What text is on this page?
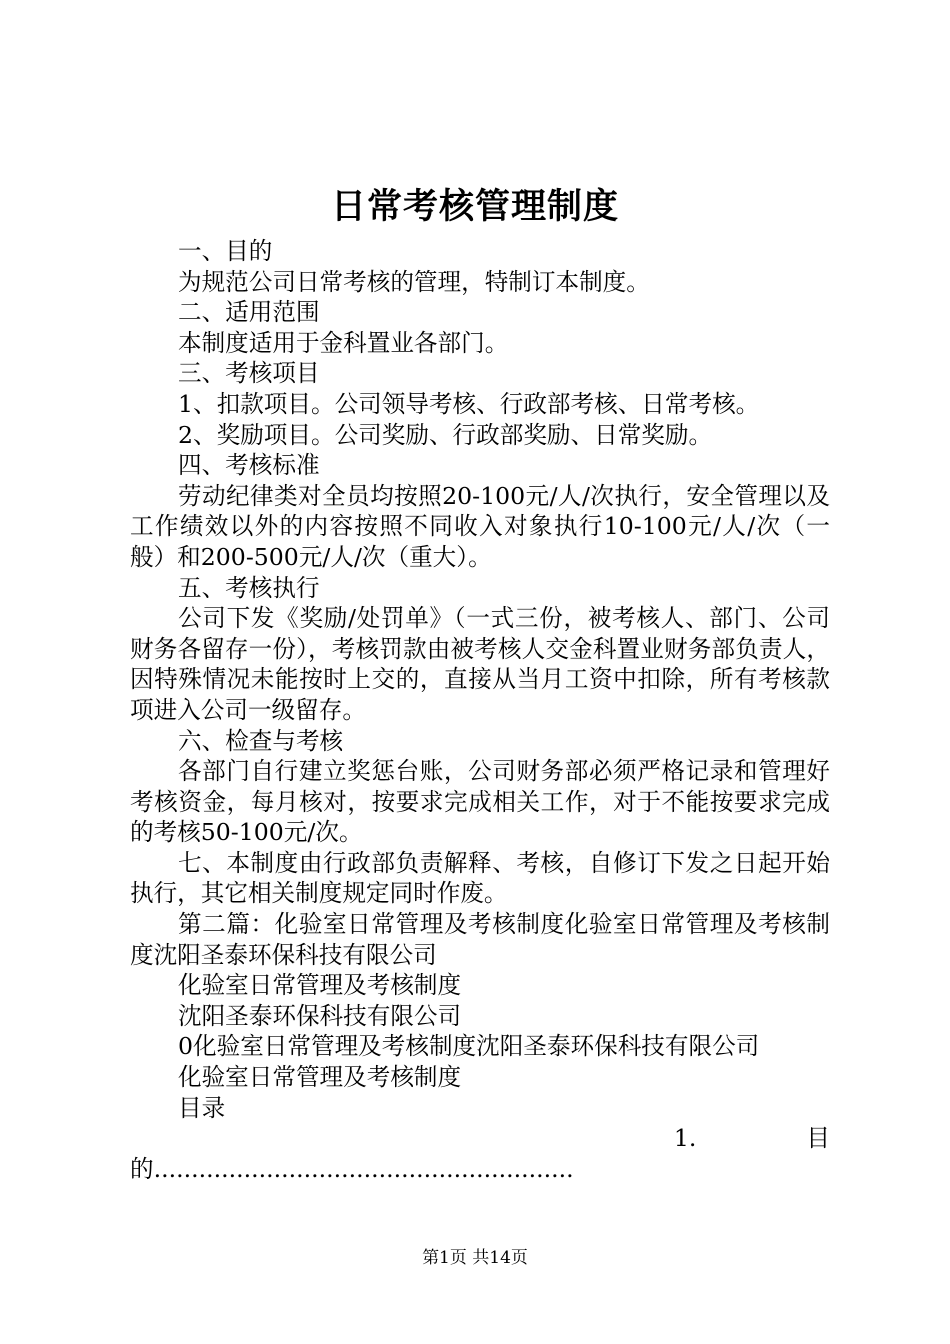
日常考核管理制度

一、目的

为规范公司日常考核的管理，特制订本制度。

二、适用范围

本制度适用于金科置业各部门。

三、考核项目

1、扣款项目。公司领导考核、行政部考核、日常考核。

2、奖励项目。公司奖励、行政部奖励、日常奖励。

四、考核标准

劳动纪律类对全员均按照20-100元/人/次执行，安全管理以及工作绩效以外的内容按照不同收入对象执行10-100元/人/次（一般）和200-500元/人/次（重大）。

五、考核执行

公司下发《奖励/处罚单》（一式三份，被考核人、部门、公司财务各留存一份），考核罚款由被考核人交金科置业财务部负责人，因特殊情况未能按时上交的，直接从当月工资中扣除，所有考核款项进入公司一级留存。

六、检查与考核

各部门自行建立奖惩台账，公司财务部必须严格记录和管理好考核资金，每月核对，按要求完成相关工作，对于不能按要求完成的考核50-100元/次。

七、本制度由行政部负责解释、考核，自修订下发之日起开始执行，其它相关制度规定同时作废。

第二篇：化验室日常管理及考核制度化验室日常管理及考核制度沈阳圣泰环保科技有限公司

化验室日常管理及考核制度

沈阳圣泰环保科技有限公司

0化验室日常管理及考核制度沈阳圣泰环保科技有限公司

化验室日常管理及考核制度

目录

1.	目

的........................................................

第1页 共14页
